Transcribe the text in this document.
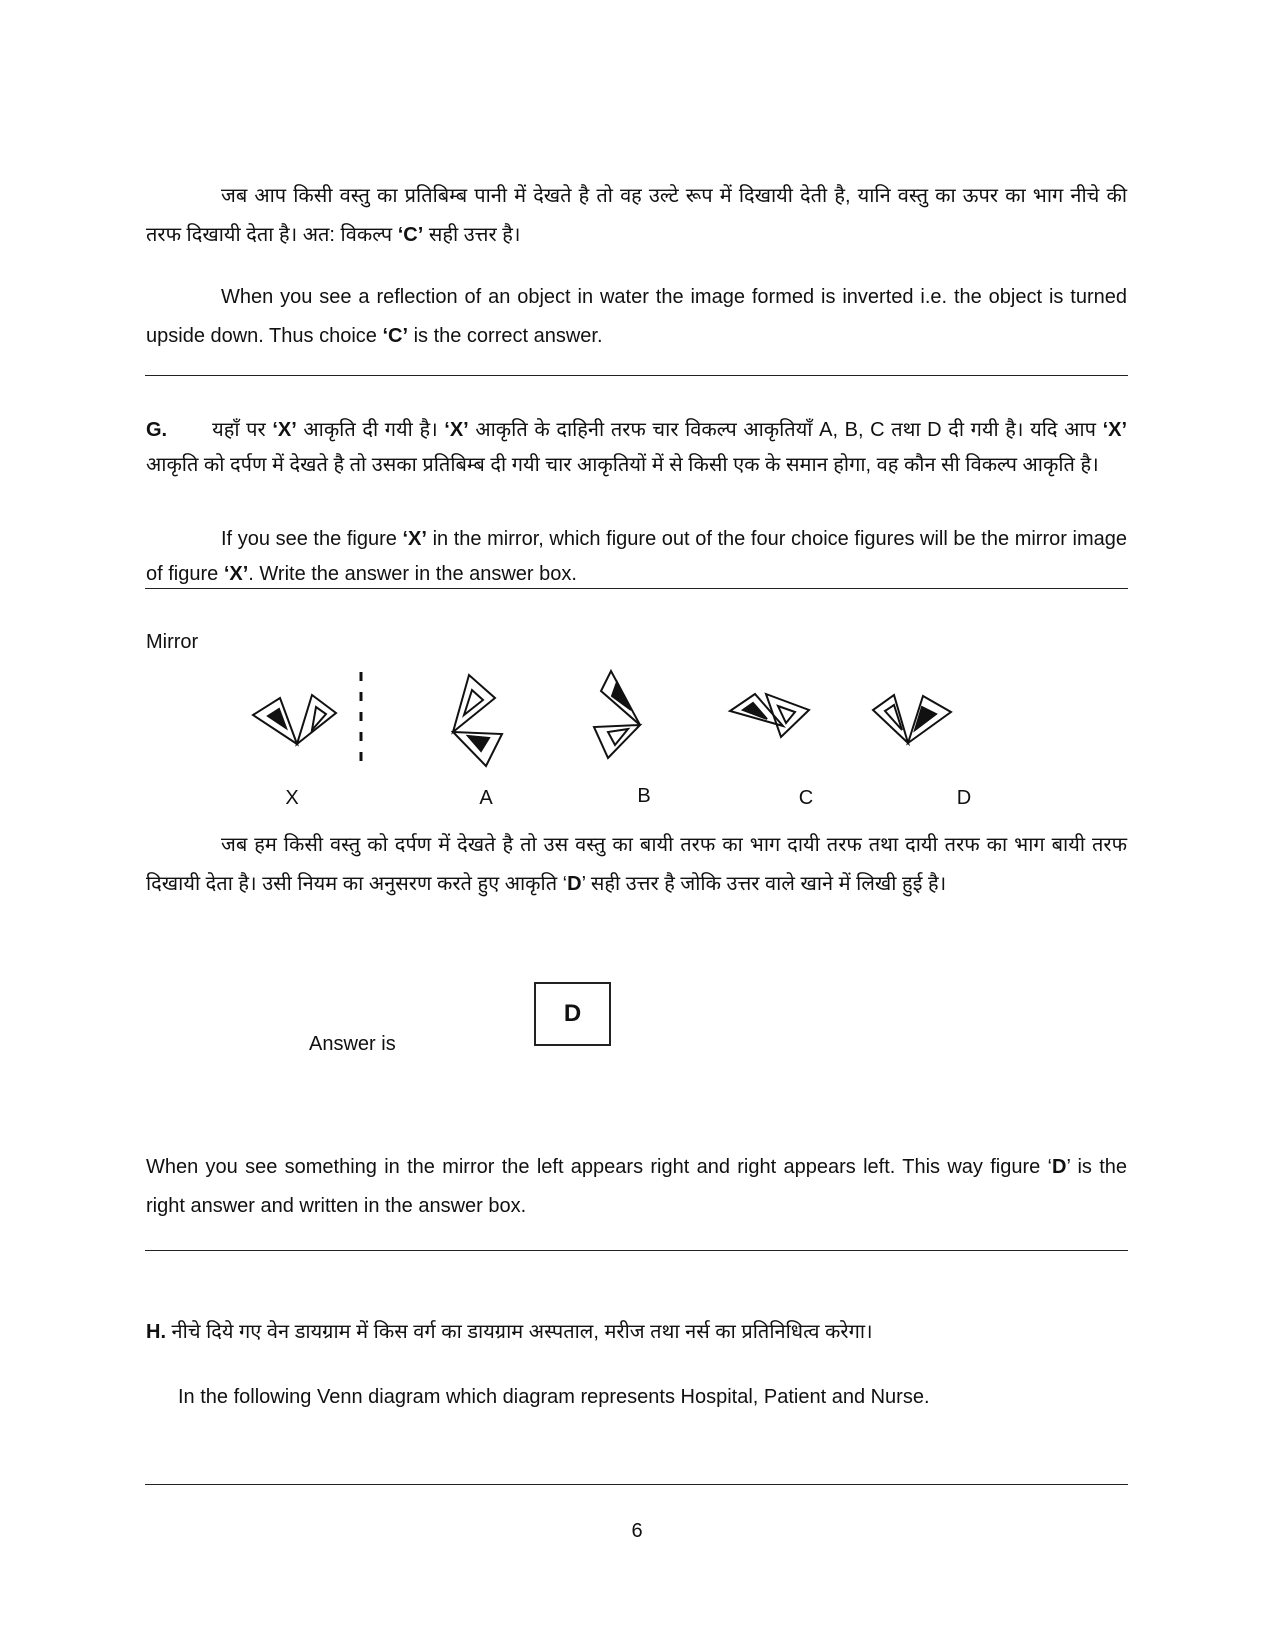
जब आप किसी वस्तु का प्रतिबिम्ब पानी में देखते है तो वह उल्टे रूप में दिखायी देती है, यानि वस्तु का ऊपर का भाग नीचे की तरफ दिखायी देता है। अत: विकल्प ‘C’ सही उत्तर है।
When you see a reflection of an object in water the image formed is inverted i.e. the object is turned upside down. Thus choice ‘C’ is the correct answer.
G. यहाँ पर ‘X’ आकृति दी गयी है। ‘X’ आकृति के दाहिनी तरफ चार विकल्प आकृतियाँ A, B, C तथा D दी गयी है। यदि आप ‘X’ आकृति को दर्पण में देखते है तो उसका प्रतिबिम्ब दी गयी चार आकृतियों में से किसी एक के समान होगा, वह कौन सी विकल्प आकृति है।
If you see the figure ‘X’ in the mirror, which figure out of the four choice figures will be the mirror image of figure ‘X’. Write the answer in the answer box.
Mirror
X	A	B	C	D
जब हम किसी वस्तु को दर्पण में देखते है तो उस वस्तु का बायी तरफ का भाग दायी तरफ तथा दायी तरफ का भाग बायी तरफ दिखायी देता है। उसी नियम का अनुसरण करते हुए आकृति ‘D’ सही उत्तर है जोकि उत्तर वाले खाने में लिखी हुई है।
Answer is
D
When you see something in the mirror the left appears right and right appears left. This way figure ‘D’ is the right answer and written in the answer box.
H. नीचे दिये गए वेन डायग्राम में किस वर्ग का डायग्राम अस्पताल, मरीज तथा नर्स का प्रतिनिधित्व करेगा।
In the following Venn diagram which diagram represents Hospital, Patient and Nurse.
6
